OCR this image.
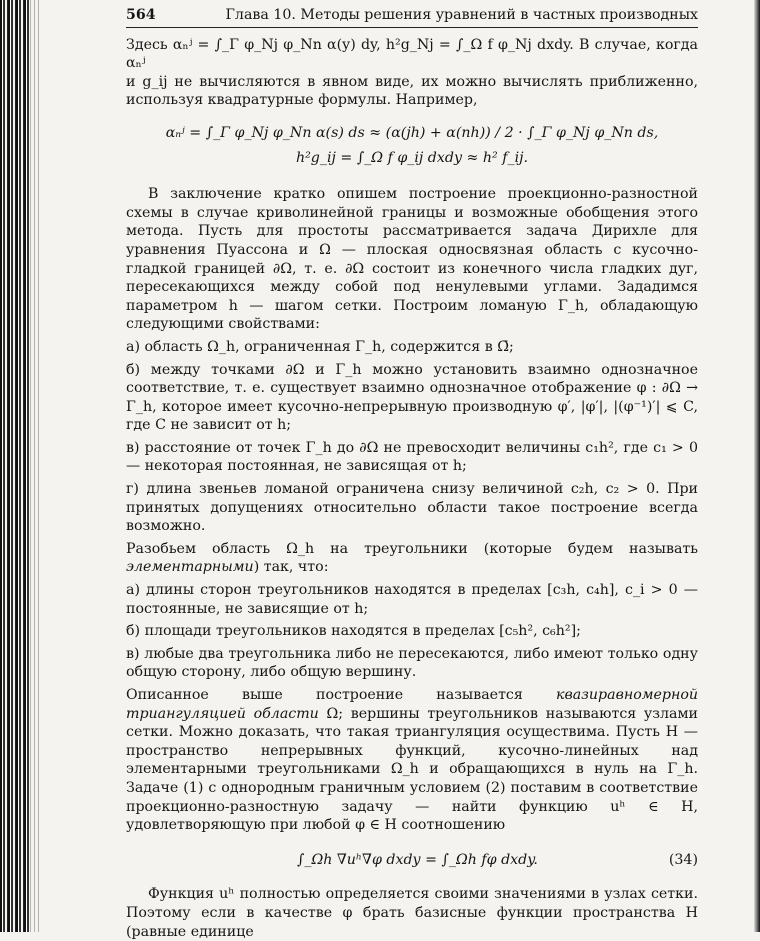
564	Глава 10. Методы решения уравнений в частных производных

Здесь αₙʲ = ∫_Γ φ_Nj φ_Nn α(y) dy, h²g_Nj = ∫_Ω f φ_Nj dxdy. В случае, когда αₙʲ

и g_ij не вычисляются в явном виде, их можно вычислять приближенно, используя квадратурные формулы. Например,

αₙʲ = ∫_Γ φ_Nj φ_Nn α(s) ds ≈ (α(jh) + α(nh)) / 2 · ∫_Γ φ_Nj φ_Nn ds,
h²g_ij = ∫_Ω f φ_ij dxdy ≈ h² f_ij.

В заключение кратко опишем построение проекционно-разностной схемы в случае криволинейной границы и возможные обобщения этого метода. Пусть для простоты рассматривается задача Дирихле для уравнения Пуассона и Ω — плоская односвязная область с кусочно-гладкой границей ∂Ω, т. е. ∂Ω состоит из конечного числа гладких дуг, пересекающихся между собой под ненулевыми углами. Зададимся параметром h — шагом сетки. Построим ломаную Γ_h, обладающую следующими свойствами:

а) область Ω_h, ограниченная Γ_h, содержится в Ω̄;

б) между точками ∂Ω и Γ_h можно установить взаимно однозначное соответствие, т. е. существует взаимно однозначное отображение φ : ∂Ω → Γ_h, которое имеет кусочно-непрерывную производную φ′, |φ′|, |(φ⁻¹)′| ⩽ C, где C не зависит от h;

в) расстояние от точек Γ_h до ∂Ω не превосходит величины c₁h², где c₁ > 0 — некоторая постоянная, не зависящая от h;

г) длина звеньев ломаной ограничена снизу величиной c₂h, c₂ > 0. При принятых допущениях относительно области такое построение всегда возможно.

Разобьем область Ω_h на треугольники (которые будем называть элементарными) так, что:

а) длины сторон треугольников находятся в пределах [c₃h, c₄h], c_i > 0 — постоянные, не зависящие от h;

б) площади треугольников находятся в пределах [c₅h², c₆h²];

в) любые два треугольника либо не пересекаются, либо имеют только одну общую сторону, либо общую вершину.

Описанное выше построение называется квазиравномерной триангуляцией области Ω; вершины треугольников называются узлами сетки. Можно доказать, что такая триангуляция осуществима. Пусть H — пространство непрерывных функций, кусочно-линейных над элементарными треугольниками Ω_h и обращающихся в нуль на Γ_h. Задаче (1) с однородным граничным условием (2) поставим в соответствие проекционно-разностную задачу — найти функцию uʰ ∈ H, удовлетворяющую при любой φ ∈ H соотношению

∫_Ωh ∇uʰ∇φ dxdy = ∫_Ωh fφ dxdy.	(34)

Функция uʰ полностью определяется своими значениями в узлах сетки. Поэтому если в качестве φ брать базисные функции пространства H (равные единице
